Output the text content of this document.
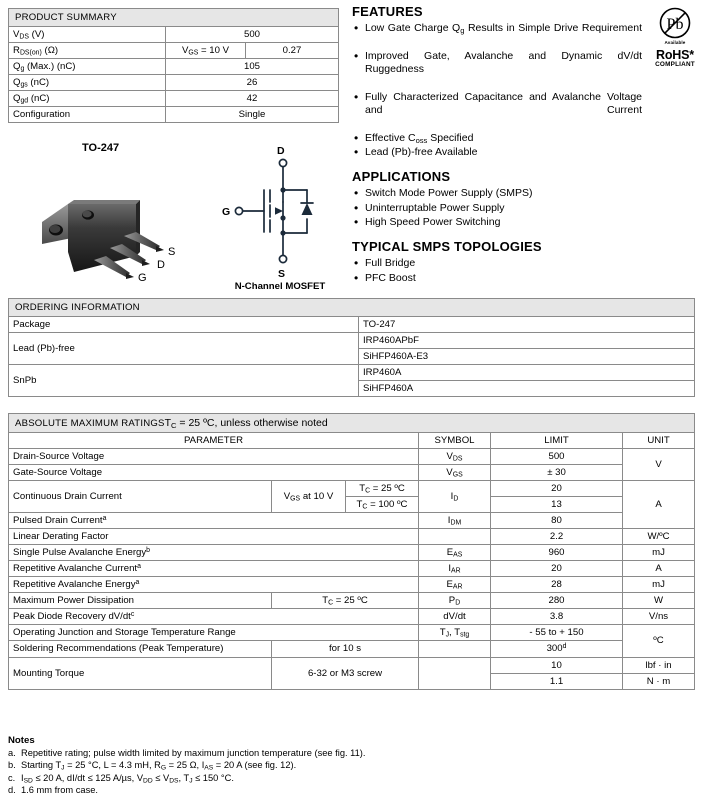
PRODUCT SUMMARY		
$V_{DS}$ (V)	500	
$R_{DS(on)}$ (Ω)	$V_{GS} = 10$ V	0.27
$Q_g$ (Max.) (nC)	105	
$Q_{gs}$ (nC)	26	
$Q_{gd}$ (nC)	42	
Configuration	Single	
FEATURES
• Low Gate Charge $Q_g$ Results in Simple Drive Requirement
• Improved Gate, Avalanche and Dynamic dV/dt Ruggedness
• Fully Characterized Capacitance and Avalanche Voltage and Current
• Effective $C_{oss}$ Specified
• Lead (Pb)-free Available
APPLICATIONS
• Switch Mode Power Supply (SMPS)
• Uninterruptable Power Supply
• High Speed Power Switching
TYPICAL SMPS TOPOLOGIES
• Full Bridge
• PFC Boost
Pb
Available
RoHS*
COMPLIANT
TO-247
S
D
G
D
G
S
N-Channel MOSFET
ORDERING INFORMATION	
Package	TO-247
Lead (Pb)-free	IRP460APbF
	SiHFP460A-E3
SnPb	IRP460A
	SiHFP460A
ABSOLUTE MAXIMUM $RATINGST_C = 25$ ºC, unless otherwise noted					
PARAMETER			SYMBOL	LIMIT	UNIT
Drain-Source Voltage			$V_{DS}$	500	V
Gate-Source Voltage			$V_{GS}$	± 30	
Continuous Drain Current	$V_{GS}$ at 10 V	$T_C = 25$ ºC	$I_D$	20	A
		$T_C = 100$ ºC		13	
Pulsed Drain Current$^a$			$I_{DM}$	80	
Linear Derating Factor				2.2	W/ºC
Single Pulse Avalanche Energy$^b$			$E_{AS}$	960	mJ
Repetitive Avalanche Current$^a$			$I_{AR}$	20	A
Repetitive Avalanche Energy$^a$			$E_{AR}$	28	mJ
Maximum Power Dissipation	$T_C = 25$ ºC		$P_D$	280	W
Peak Diode Recovery $dV/dt^c$			dV/dt	3.8	V/ns
Operating Junction and Storage Temperature Range			$T_J$, $T_{stg}$	- 55 to + 150	ºC
Soldering Recommendations (Peak Temperature)	for 10 s			300$^d$
Mounting Torque	6-32 or M3 screw			10	lbf · in
				1.1	N · m
Notes
a. Repetitive rating; pulse width limited by maximum junction temperature (see fig. 11).
b. Starting $T_J = 25$ °C, L = 4.3 mH, $R_G = 25$ Ω, $I_{AS} = 20$ A (see fig. 12).
c. $I_{SD} \le 20$ A, dI/dt ≤ 125 A/µs, $V_{DD} \le V_{DS}$, $T_J \le 150$ °C.
d. 1.6 mm from case.
